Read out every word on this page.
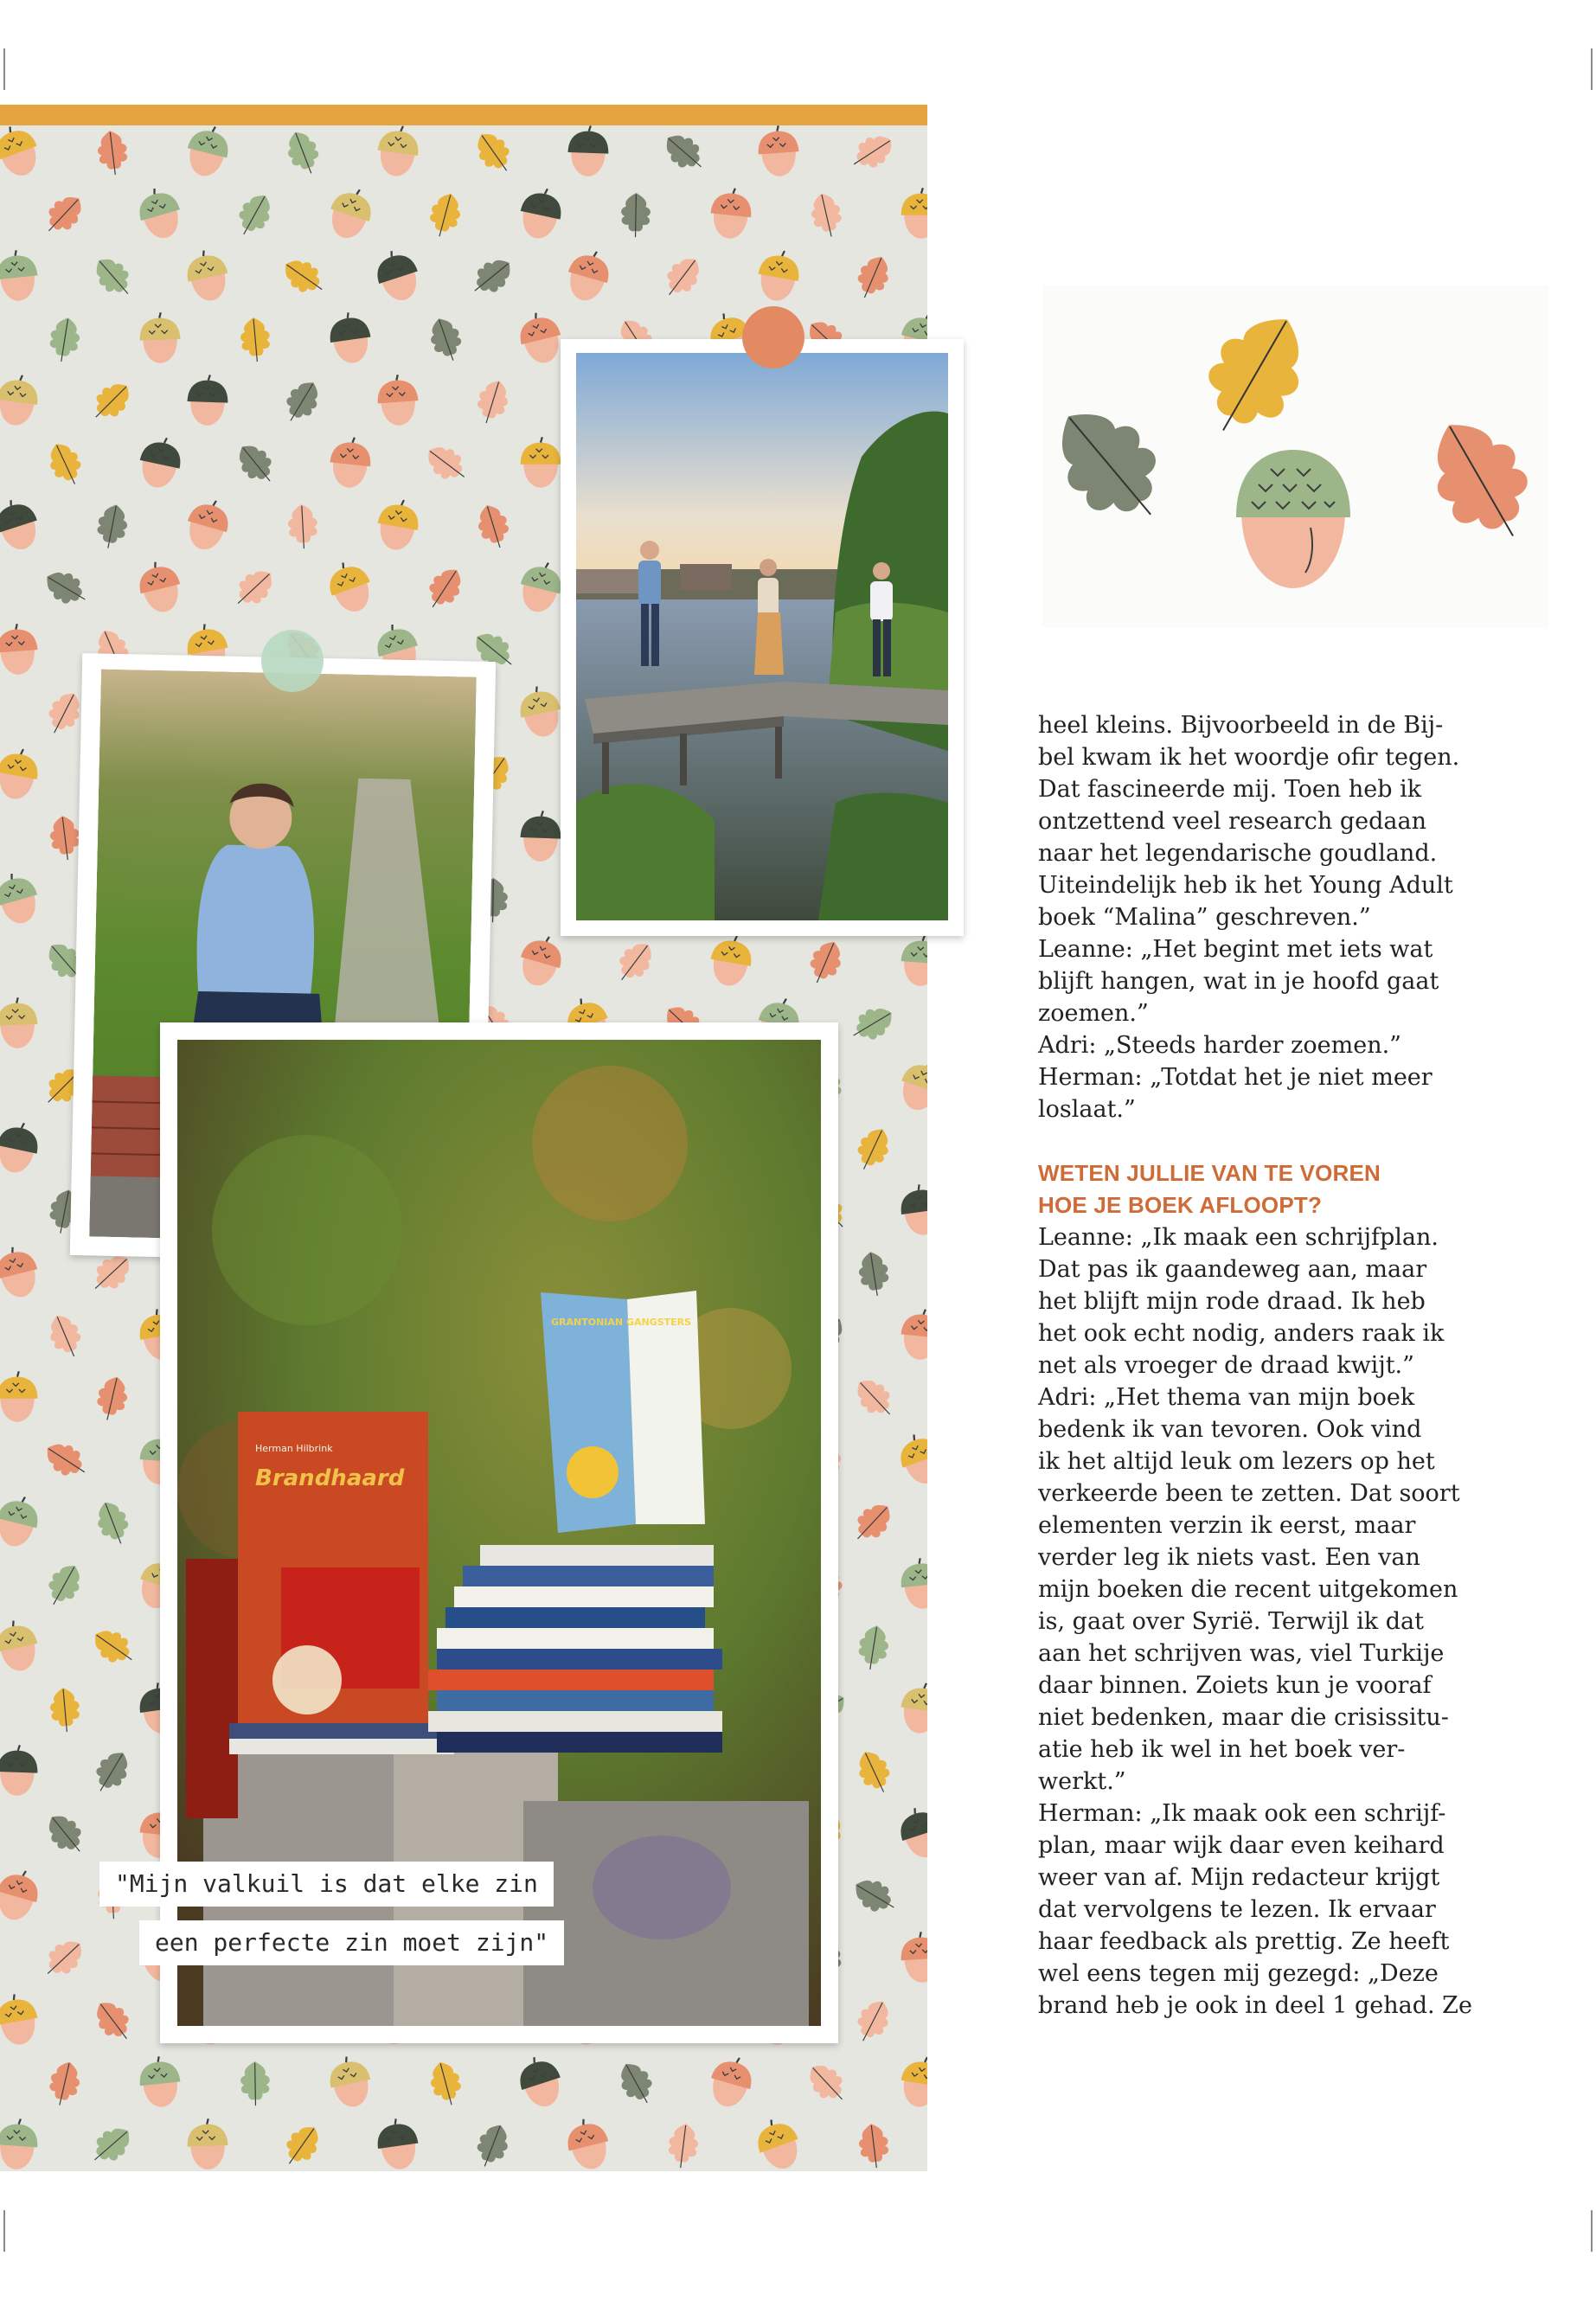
Herman Hilbrink
Brandhaard
GRANTONIAN GANGSTERS
"Mijn valkuil is dat elke zin
een perfecte zin moet zijn"

heel kleins. Bijvoorbeeld in de Bij-

bel kwam ik het woordje ofir tegen.

Dat fascineerde mij. Toen heb ik

ontzettend veel research gedaan

naar het legendarische goudland.

Uiteindelijk heb ik het Young Adult

boek “Malina” geschreven.”

Leanne: „Het begint met iets wat

blijft hangen, wat in je hoofd gaat

zoemen.”

Adri: „Steeds harder zoemen.”

Herman: „Totdat het je niet meer

loslaat.”

WETEN JULLIE VAN TE VOREN

HOE JE BOEK AFLOOPT?

Leanne: „Ik maak een schrijfplan.

Dat pas ik gaandeweg aan, maar

het blijft mijn rode draad. Ik heb

het ook echt nodig, anders raak ik

net als vroeger de draad kwijt.”

Adri: „Het thema van mijn boek

bedenk ik van tevoren. Ook vind

ik het altijd leuk om lezers op het

verkeerde been te zetten. Dat soort

elementen verzin ik eerst, maar

verder leg ik niets vast. Een van

mijn boeken die recent uitgekomen

is, gaat over Syrië. Terwijl ik dat

aan het schrijven was, viel Turkije

daar binnen. Zoiets kun je vooraf

niet bedenken, maar die crisissitu-

atie heb ik wel in het boek ver-

werkt.”

Herman: „Ik maak ook een schrijf-

plan, maar wijk daar even keihard

weer van af. Mijn redacteur krijgt

dat vervolgens te lezen. Ik ervaar

haar feedback als prettig. Ze heeft

wel eens tegen mij gezegd: „Deze

brand heb je ook in deel 1 gehad. Ze
